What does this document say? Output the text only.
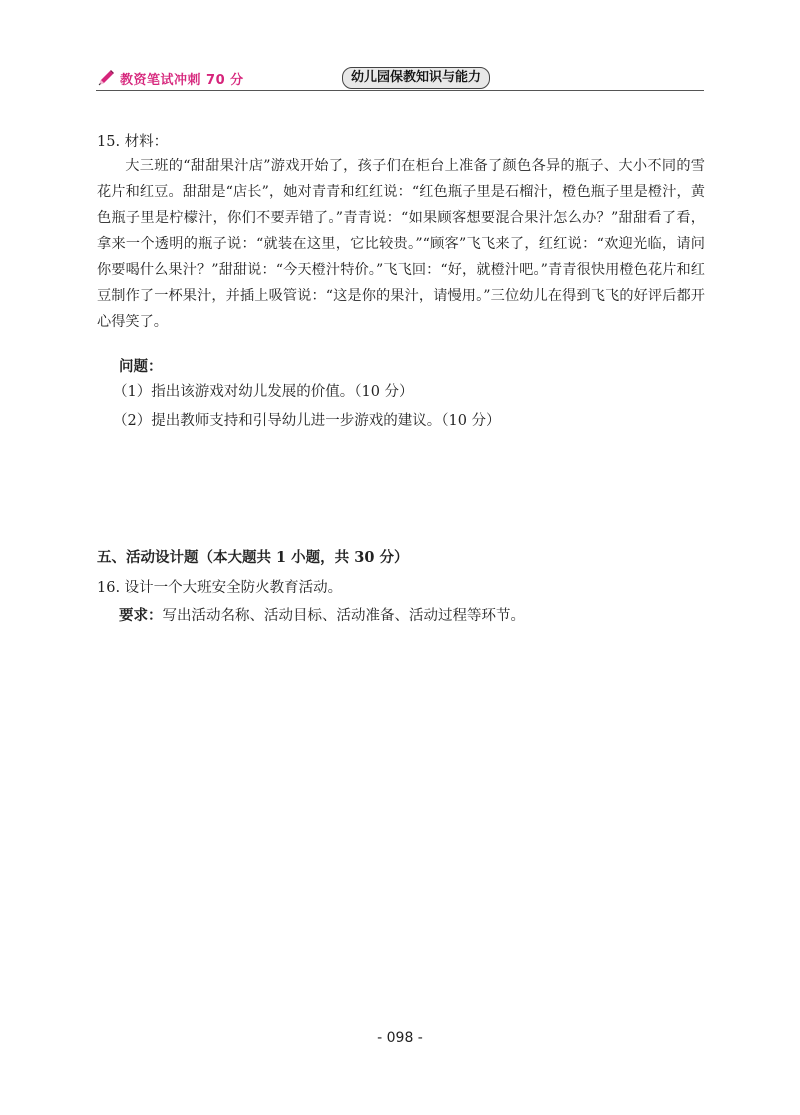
教资笔试冲刺 70 分	幼儿园保教知识与能力
15. 材料：

大三班的“甜甜果汁店”游戏开始了，孩子们在柜台上准备了颜色各异的瓶子、大小不同的雪花片和红豆。甜甜是“店长”，她对青青和红红说：“红色瓶子里是石榴汁，橙色瓶子里是橙汁，黄色瓶子里是柠檬汁，你们不要弄错了。”青青说：“如果顾客想要混合果汁怎么办？”甜甜看了看，拿来一个透明的瓶子说：“就装在这里，它比较贵。”“顾客”飞飞来了，红红说：“欢迎光临，请问你要喝什么果汁？”甜甜说：“今天橙汁特价。”飞飞回：“好，就橙汁吧。”青青很快用橙色花片和红豆制作了一杯果汁，并插上吸管说：“这是你的果汁，请慢用。”三位幼儿在得到飞飞的好评后都开心得笑了。

问题：
（1）指出该游戏对幼儿发展的价值。（10 分）
（2）提出教师支持和引导幼儿进一步游戏的建议。（10 分）
五、活动设计题（本大题共 1 小题，共 30 分）
16. 设计一个大班安全防火教育活动。
要求：写出活动名称、活动目标、活动准备、活动过程等环节。
- 098 -
